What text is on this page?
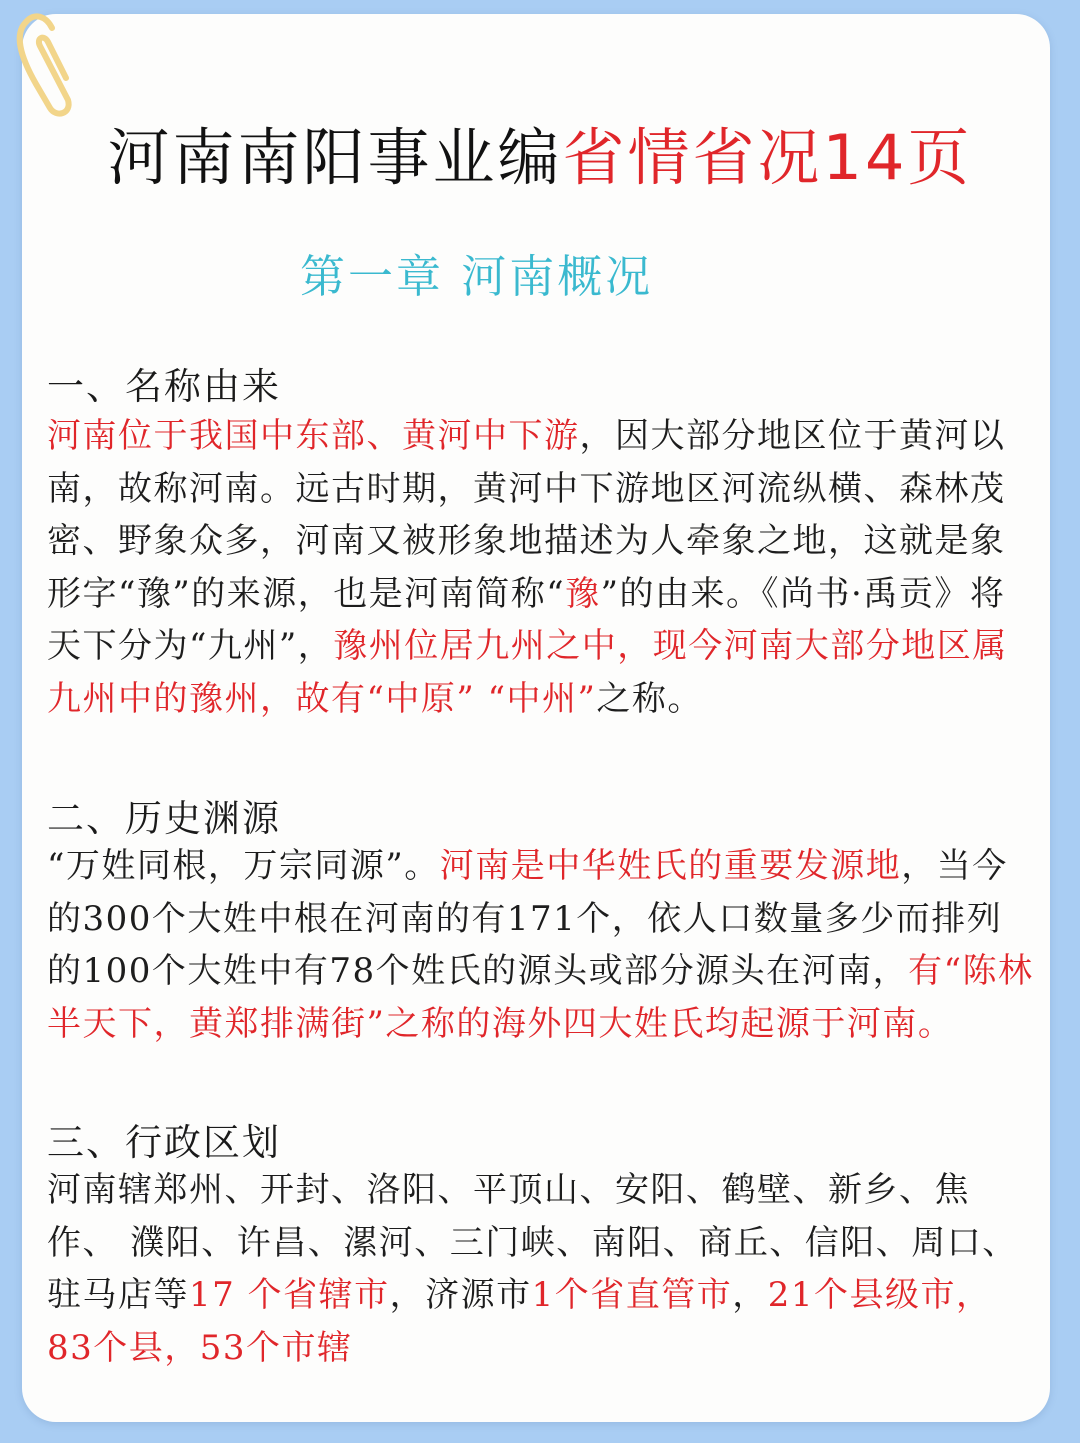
河南南阳事业编省情省况14页
第一章 河南概况
一、名称由来
河南位于我国中东部、黄河中下游，因大部分地区位于黄河以南，故称河南。远古时期，黄河中下游地区河流纵横、森林茂密、野象众多，河南又被形象地描述为人牵象之地，这就是象形字“豫”的来源，也是河南简称“豫”的由来。《尚书·禹贡》将天下分为“九州”，豫州位居九州之中，现今河南大部分地区属九州中的豫州，故有“中原” “中州”之称。
二、历史渊源
“万姓同根，万宗同源”。河南是中华姓氏的重要发源地，当今的300个大姓中根在河南的有171个，依人口数量多少而排列的100个大姓中有78个姓氏的源头或部分源头在河南，有“陈林半天下，黄郑排满街”之称的海外四大姓氏均起源于河南。
三、行政区划
河南辖郑州、开封、洛阳、平顶山、安阳、鹤壁、新乡、焦作、 濮阳、许昌、漯河、三门峡、南阳、商丘、信阳、周口、驻马店等17 个省辖市，济源市1个省直管市，21个县级市，83个县，53个市辖
